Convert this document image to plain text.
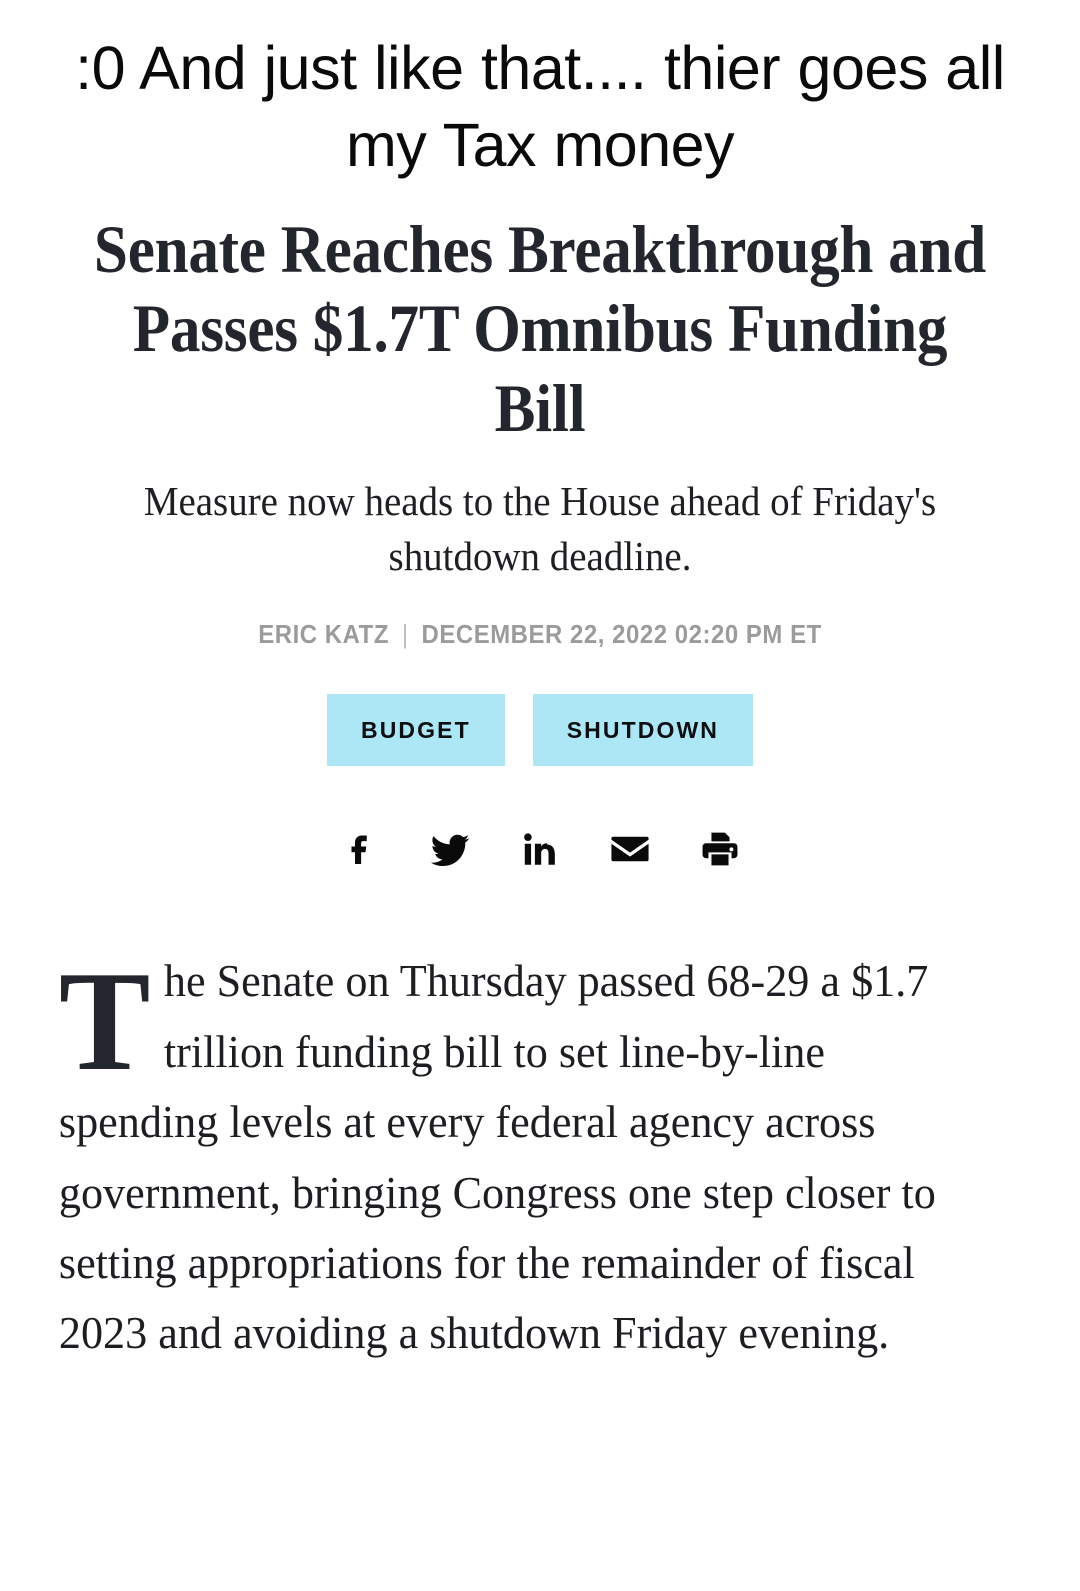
:0 And just like that.... thier goes all my Tax money
Senate Reaches Breakthrough and Passes $1.7T Omnibus Funding Bill

Measure now heads to the House ahead of Friday's shutdown deadline.

ERIC KATZ | DECEMBER 22, 2022 02:20 PM ET
BUDGET	SHUTDOWN

The Senate on Thursday passed 68-29 a $1.7 trillion funding bill to set line-by-line spending levels at every federal agency across government, bringing Congress one step closer to setting appropriations for the remainder of fiscal 2023 and avoiding a shutdown Friday evening.
